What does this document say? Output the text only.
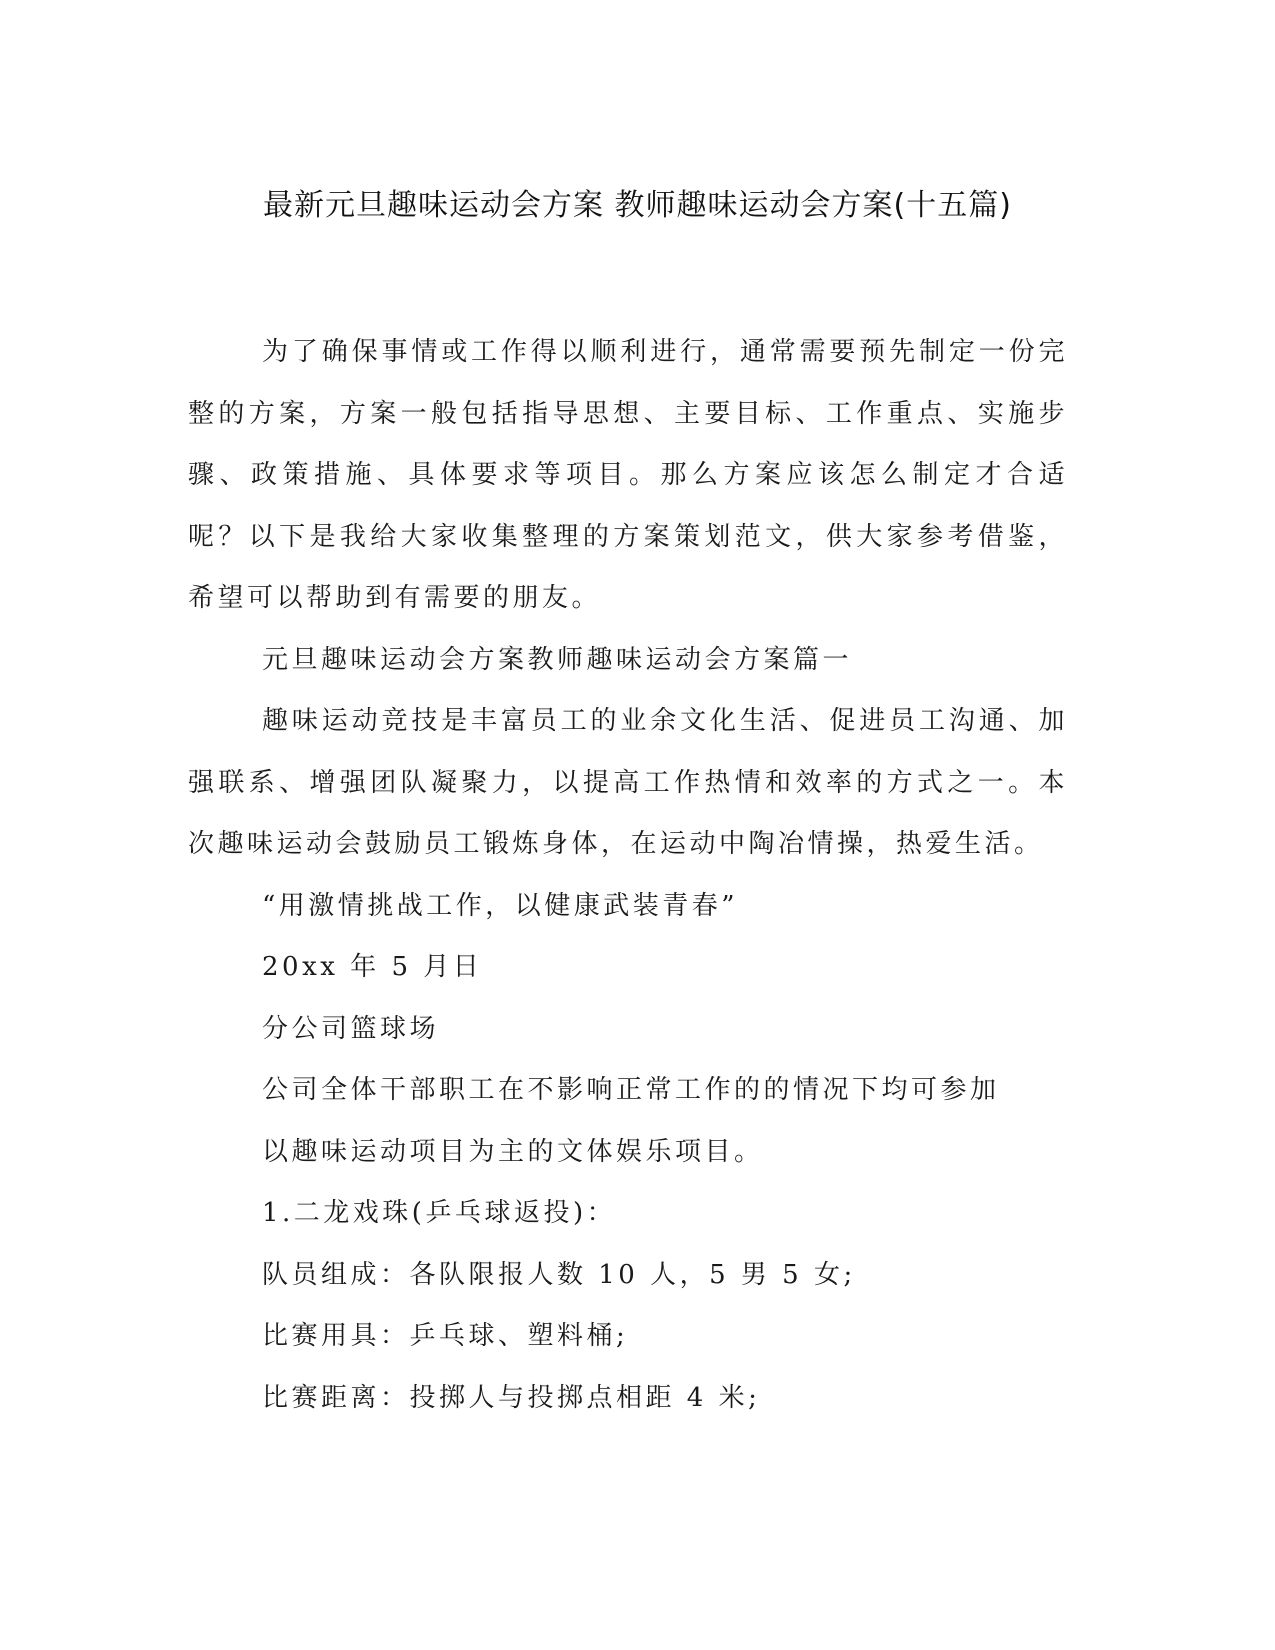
最新元旦趣味运动会方案 教师趣味运动会方案(十五篇)

为了确保事情或工作得以顺利进行，通常需要预先制定一份完整的方案，方案一般包括指导思想、主要目标、工作重点、实施步骤、政策措施、具体要求等项目。那么方案应该怎么制定才合适呢？以下是我给大家收集整理的方案策划范文，供大家参考借鉴，希望可以帮助到有需要的朋友。

元旦趣味运动会方案教师趣味运动会方案篇一

趣味运动竞技是丰富员工的业余文化生活、促进员工沟通、加强联系、增强团队凝聚力，以提高工作热情和效率的方式之一。本次趣味运动会鼓励员工锻炼身体，在运动中陶冶情操，热爱生活。

“用激情挑战工作，以健康武装青春”

20xx 年 5 月日

分公司篮球场

公司全体干部职工在不影响正常工作的的情况下均可参加

以趣味运动项目为主的文体娱乐项目。

1.二龙戏珠(乒乓球返投)：

队员组成：各队限报人数 10 人，5 男 5 女;

比赛用具：乒乓球、塑料桶;

比赛距离：投掷人与投掷点相距 4 米;
